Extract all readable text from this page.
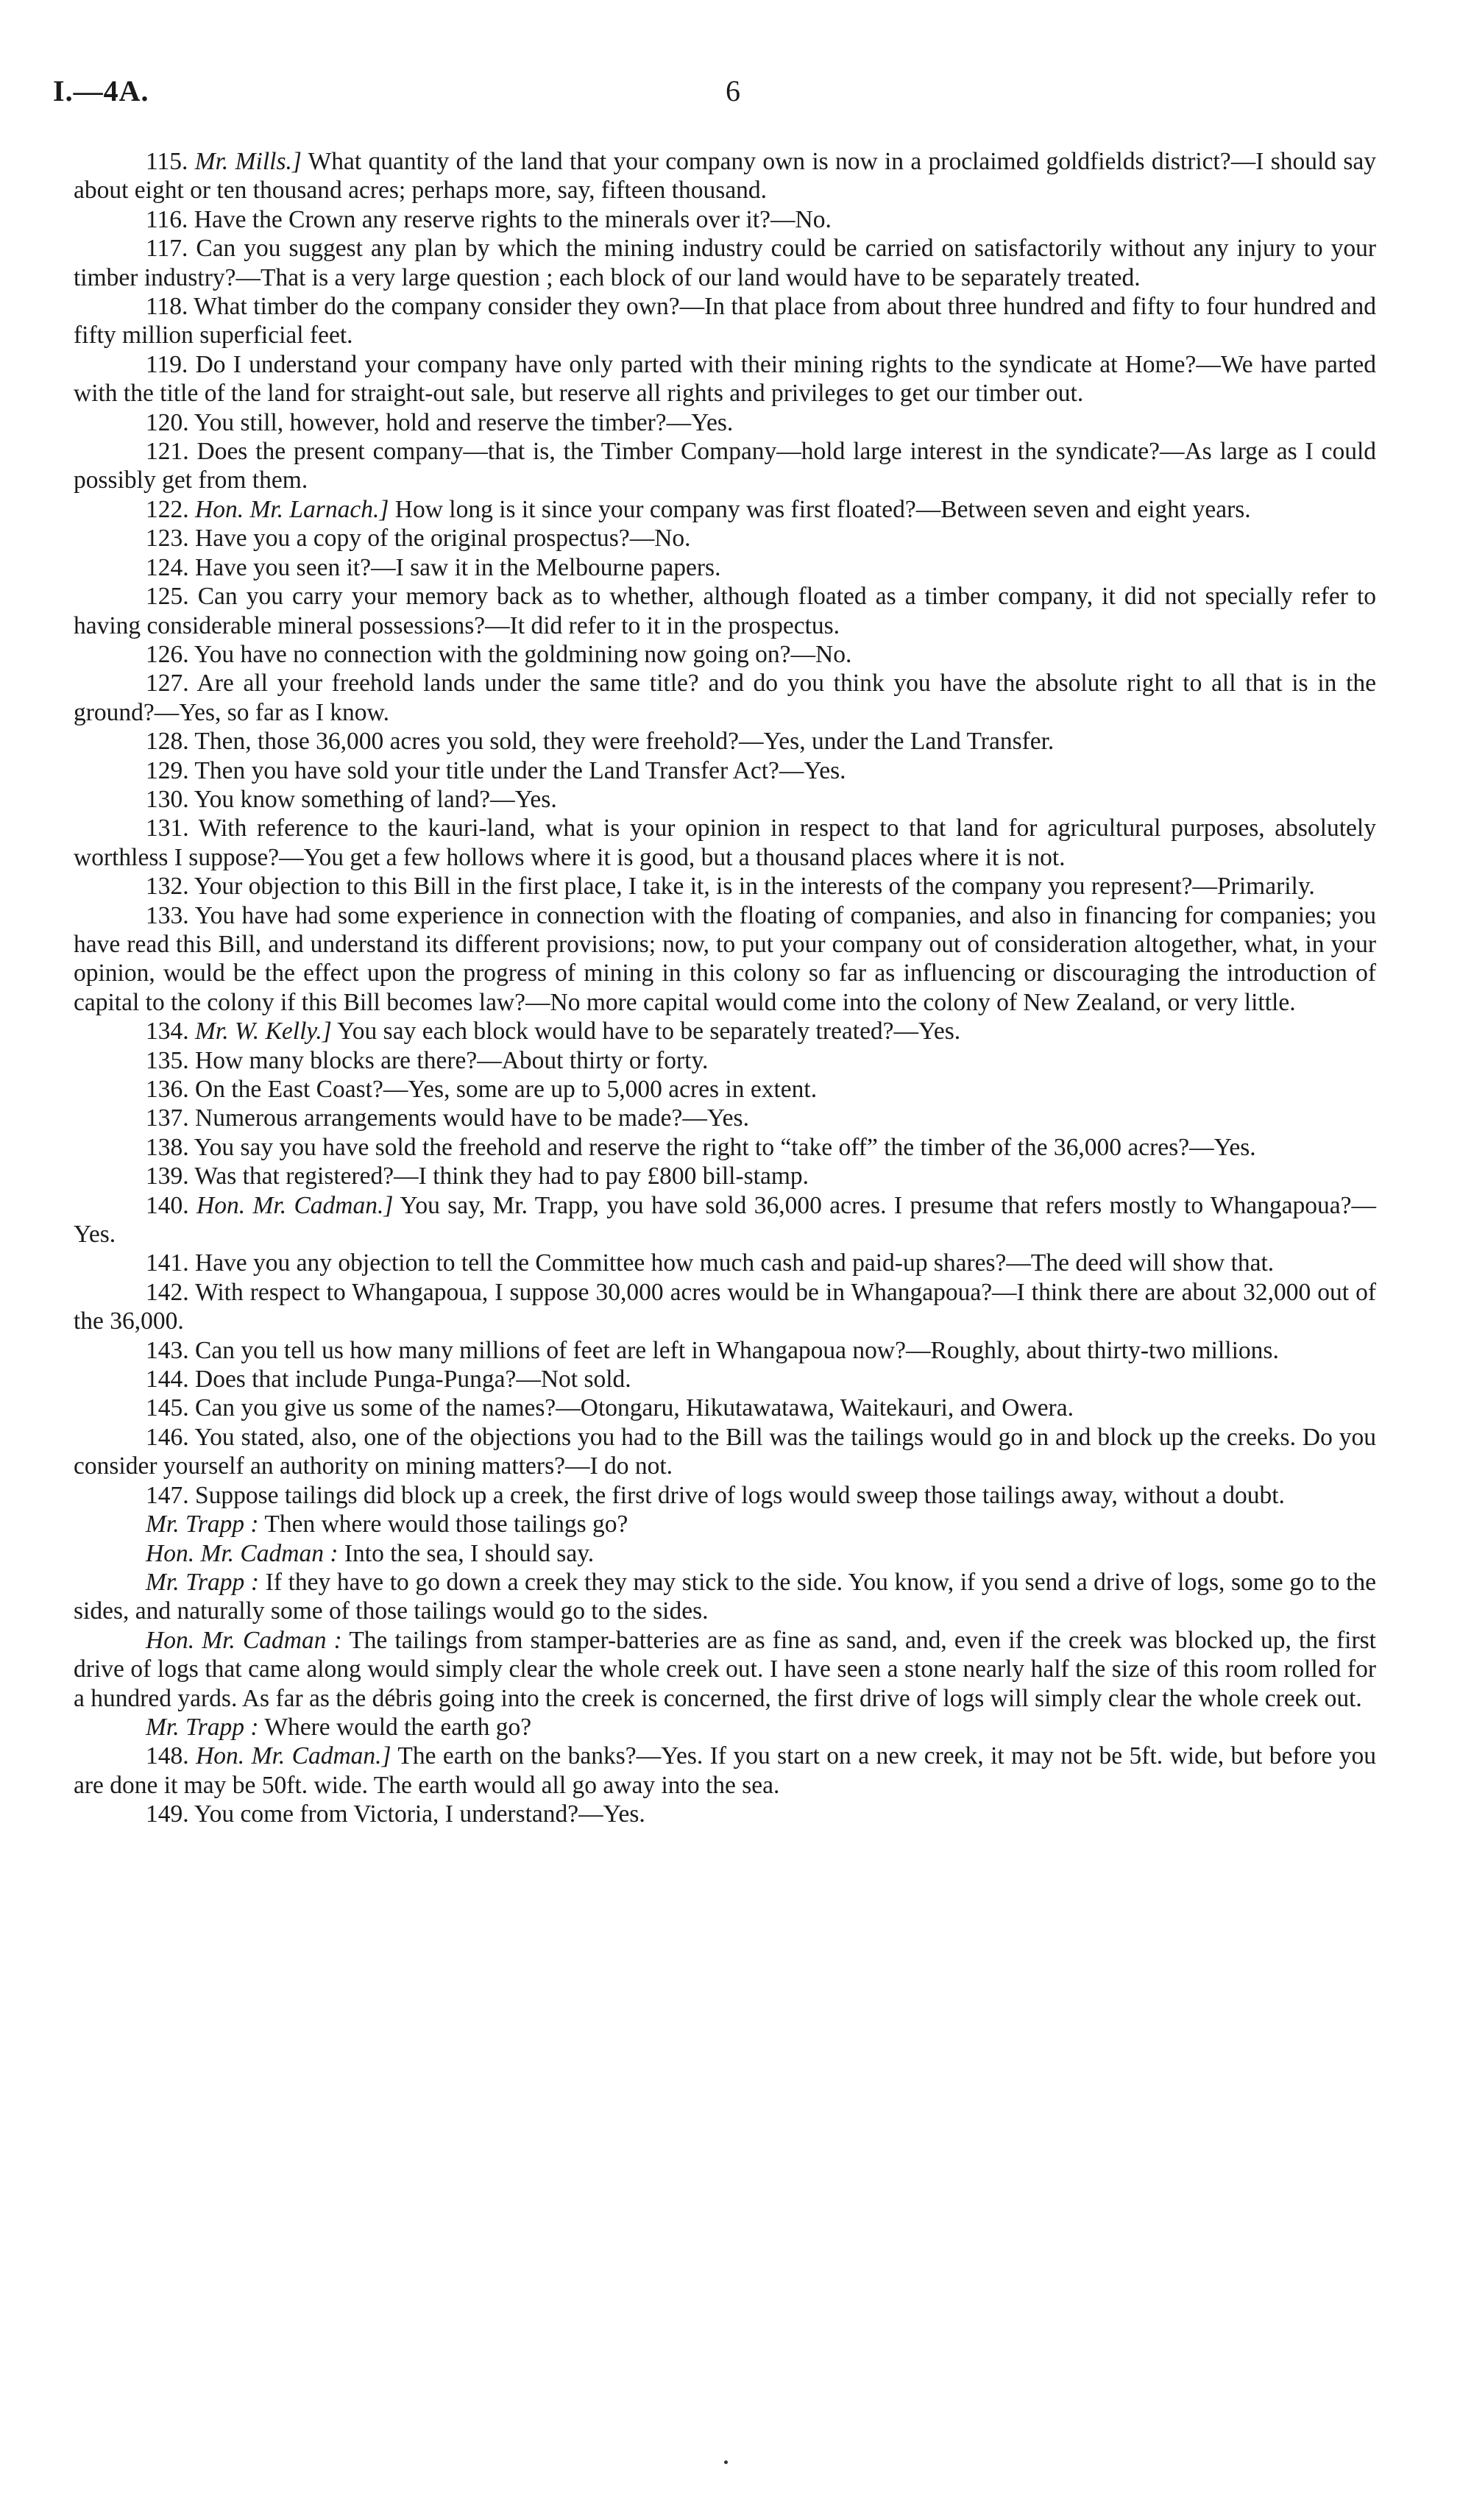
I.—4A.	6

115. Mr. Mills.] What quantity of the land that your company own is now in a proclaimed goldfields district?—I should say about eight or ten thousand acres; perhaps more, say, fifteen thousand.

116. Have the Crown any reserve rights to the minerals over it?—No.

117. Can you suggest any plan by which the mining industry could be carried on satisfactorily without any injury to your timber industry?—That is a very large question ; each block of our land would have to be separately treated.

118. What timber do the company consider they own?—In that place from about three hundred and fifty to four hundred and fifty million superficial feet.

119. Do I understand your company have only parted with their mining rights to the syndicate at Home?—We have parted with the title of the land for straight-out sale, but reserve all rights and privileges to get our timber out.

120. You still, however, hold and reserve the timber?—Yes.

121. Does the present company—that is, the Timber Company—hold large interest in the syndicate?—As large as I could possibly get from them.

122. Hon. Mr. Larnach.] How long is it since your company was first floated?—Between seven and eight years.

123. Have you a copy of the original prospectus?—No.

124. Have you seen it?—I saw it in the Melbourne papers.

125. Can you carry your memory back as to whether, although floated as a timber company, it did not specially refer to having considerable mineral possessions?—It did refer to it in the prospectus.

126. You have no connection with the goldmining now going on?—No.

127. Are all your freehold lands under the same title? and do you think you have the absolute right to all that is in the ground?—Yes, so far as I know.

128. Then, those 36,000 acres you sold, they were freehold?—Yes, under the Land Transfer.

129. Then you have sold your title under the Land Transfer Act?—Yes.

130. You know something of land?—Yes.

131. With reference to the kauri-land, what is your opinion in respect to that land for agricultural purposes, absolutely worthless I suppose?—You get a few hollows where it is good, but a thousand places where it is not.

132. Your objection to this Bill in the first place, I take it, is in the interests of the company you represent?—Primarily.

133. You have had some experience in connection with the floating of companies, and also in financing for companies; you have read this Bill, and understand its different provisions; now, to put your company out of consideration altogether, what, in your opinion, would be the effect upon the progress of mining in this colony so far as influencing or discouraging the introduction of capital to the colony if this Bill becomes law?—No more capital would come into the colony of New Zealand, or very little.

134. Mr. W. Kelly.] You say each block would have to be separately treated?—Yes.

135. How many blocks are there?—About thirty or forty.

136. On the East Coast?—Yes, some are up to 5,000 acres in extent.

137. Numerous arrangements would have to be made?—Yes.

138. You say you have sold the freehold and reserve the right to “take off” the timber of the 36,000 acres?—Yes.

139. Was that registered?—I think they had to pay £800 bill-stamp.

140. Hon. Mr. Cadman.] You say, Mr. Trapp, you have sold 36,000 acres. I presume that refers mostly to Whangapoua?—Yes.

141. Have you any objection to tell the Committee how much cash and paid-up shares?—The deed will show that.

142. With respect to Whangapoua, I suppose 30,000 acres would be in Whangapoua?—I think there are about 32,000 out of the 36,000.

143. Can you tell us how many millions of feet are left in Whangapoua now?—Roughly, about thirty-two millions.

144. Does that include Punga-Punga?—Not sold.

145. Can you give us some of the names?—Otongaru, Hikutawatawa, Waitekauri, and Owera.

146. You stated, also, one of the objections you had to the Bill was the tailings would go in and block up the creeks. Do you consider yourself an authority on mining matters?—I do not.

147. Suppose tailings did block up a creek, the first drive of logs would sweep those tailings away, without a doubt.

Mr. Trapp : Then where would those tailings go?

Hon. Mr. Cadman : Into the sea, I should say.

Mr. Trapp : If they have to go down a creek they may stick to the side. You know, if you send a drive of logs, some go to the sides, and naturally some of those tailings would go to the sides.

Hon. Mr. Cadman : The tailings from stamper-batteries are as fine as sand, and, even if the creek was blocked up, the first drive of logs that came along would simply clear the whole creek out. I have seen a stone nearly half the size of this room rolled for a hundred yards. As far as the débris going into the creek is concerned, the first drive of logs will simply clear the whole creek out.

Mr. Trapp : Where would the earth go?

148. Hon. Mr. Cadman.] The earth on the banks?—Yes. If you start on a new creek, it may not be 5ft. wide, but before you are done it may be 50ft. wide. The earth would all go away into the sea.

149. You come from Victoria, I understand?—Yes.
